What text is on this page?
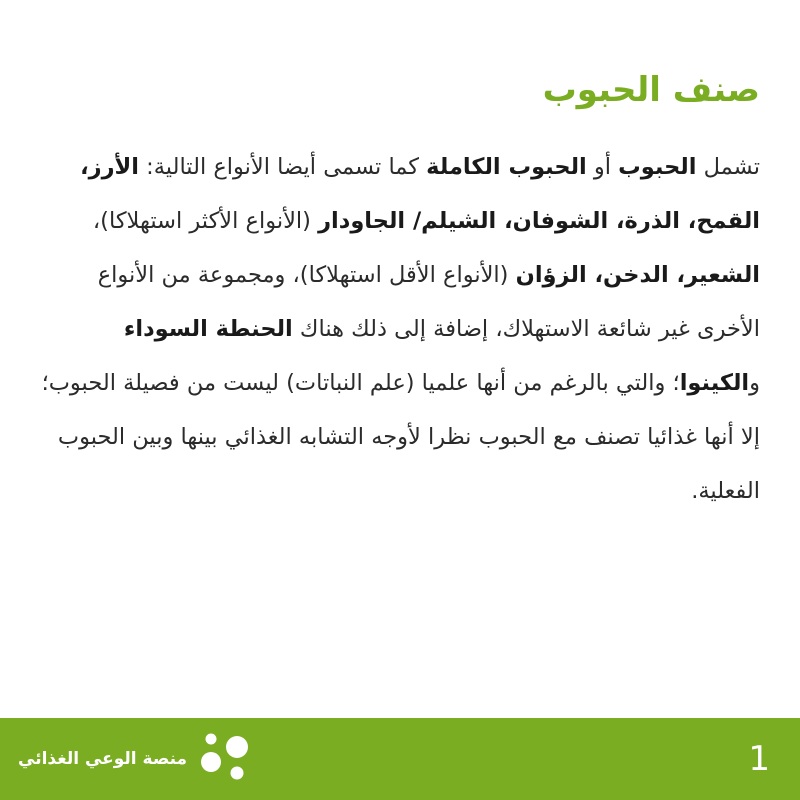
صنف الحبوب

تشمل الحبوب أو الحبوب الكاملة كما تسمى أيضا الأنواع التالية: الأرز، القمح، الذرة، الشوفان، الشيلم/ الجاودار (الأنواع الأكثر استهلاكا)، الشعير، الدخن، الزؤان (الأنواع الأقل استهلاكا)، ومجموعة من الأنواع الأخرى غير شائعة الاستهلاك، إضافة إلى ذلك هناك الحنطة السوداء والكينوا؛ والتي بالرغم من أنها علميا (علم النباتات) ليست من فصيلة الحبوب؛ إلا أنها غذائيا تصنف مع الحبوب نظرا لأوجه التشابه الغذائي بينها وبين الحبوب الفعلية.

منصة الوعي الغذائي	1
